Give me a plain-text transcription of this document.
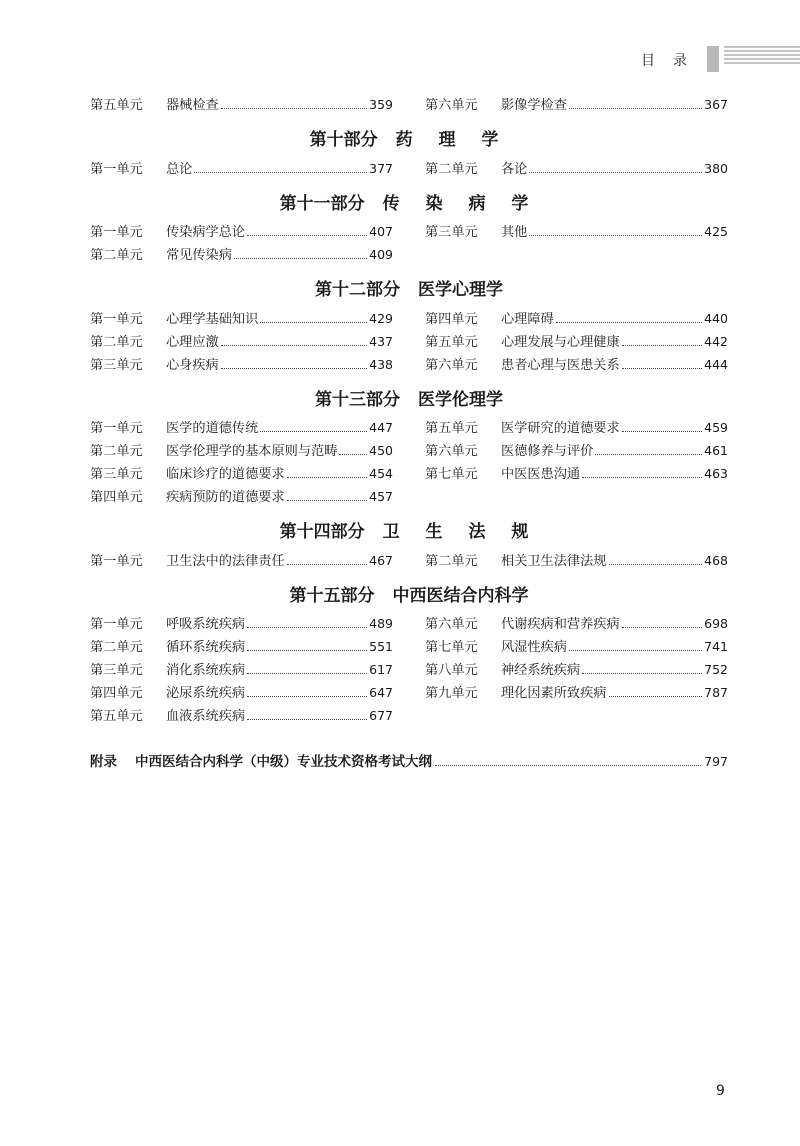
目 录
第五单元	器械检查	359 第六单元	影像学检查	367
第十部分 药 理 学
第一单元	总论	377 第二单元	各论	380
第十一部分 传 染 病 学
第一单元	传染病学总论	407 第三单元	其他	425
第二单元	常见传染病	409
第十二部分 医学心理学
第一单元	心理学基础知识	429 第四单元	心理障碍	440
第二单元	心理应激	437 第五单元	心理发展与心理健康	442
第三单元	心身疾病	438 第六单元	患者心理与医患关系	444
第十三部分 医学伦理学
第一单元	医学的道德传统	447 第五单元	医学研究的道德要求	459
第二单元	医学伦理学的基本原则与范畴	450 第六单元	医德修养与评价	461
第三单元	临床诊疗的道德要求	454 第七单元	中医医患沟通	463
第四单元	疾病预防的道德要求	457
第十四部分 卫 生 法 规
第一单元	卫生法中的法律责任	467 第二单元	相关卫生法律法规	468
第十五部分 中西医结合内科学
第一单元	呼吸系统疾病	489 第六单元	代谢疾病和营养疾病	698
第二单元	循环系统疾病	551 第七单元	风湿性疾病	741
第三单元	消化系统疾病	617 第八单元	神经系统疾病	752
第四单元	泌尿系统疾病	647 第九单元	理化因素所致疾病	787
第五单元	血液系统疾病	677
附录 中西医结合内科学（中级）专业技术资格考试大纲	797
9
